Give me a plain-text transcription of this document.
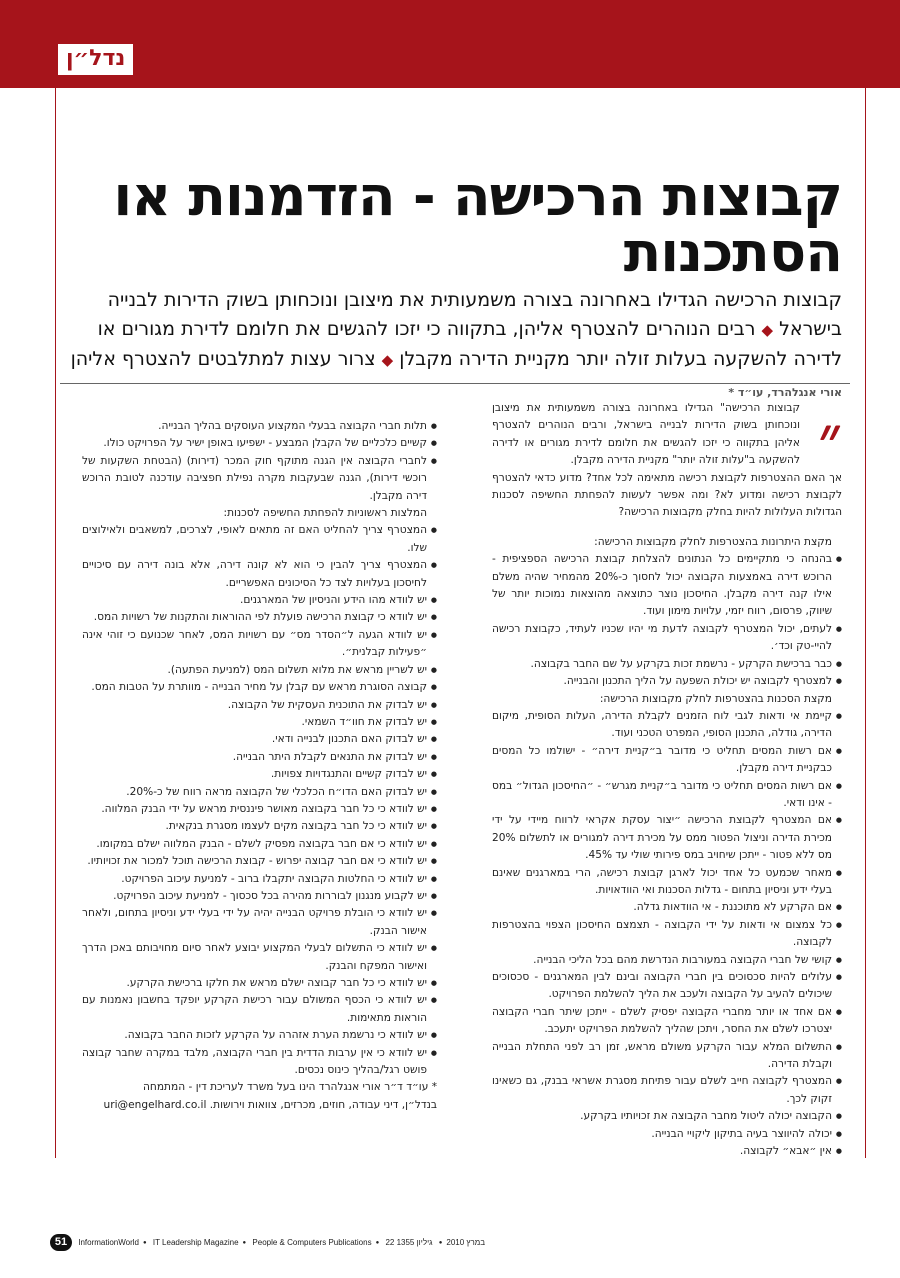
נדל״ן
קבוצות הרכישה - הזדמנות או הסתכנות

קבוצות הרכישה הגדילו באחרונה בצורה משמעותית את מיצובן ונוכחותן בשוק הדירות לבנייה בישראל ◆ רבים הנוהרים להצטרף אליהן, בתקווה כי יזכו להגשים את חלומם לדירת מגורים או לדירה להשקעה בעלות זולה יותר מקניית הדירה מקבלן ◆ צרור עצות למתלבטים להצטרף אליהן

אורי אנגלהרד, עו״ד *
״

קבוצות הרכישה" הגדילו באחרונה בצורה משמעותית את מיצובן ונוכחותן בשוק הדירות לבנייה בישראל, ורבים הנוהרים להצטרף אליהן בתקווה כי יזכו להגשים את חלומם לדירת מגורים או לדירה להשקעה ב"עלות זולה יותר" מקניית הדירה מקבלן.

אך האם ההצטרפות לקבוצת רכישה מתאימה לכל אחד? מדוע כדאי להצטרף לקבוצת רכישה ומדוע לא? ומה אפשר לעשות להפחתת החשיפה לסכנות הגדולות העלולות להיות בחלק מקבוצות הרכישה?

מקצת היתרונות בהצטרפות לחלק מקבוצות הרכישה:

● בהנחה כי מתקיימים כל הנתונים להצלחת קבוצת הרכישה הספציפית - הרוכש דירה באמצעות הקבוצה יכול לחסוך כ-20% מהמחיר שהיה משלם אילו קנה דירה מקבלן. החיסכון נוצר כתוצאה מהוצאות נמוכות יותר של שיווק, פרסום, רווח יזמי, עלויות מימון ועוד.
● לעתים, יכול המצטרף לקבוצה לדעת מי יהיו שכניו לעתיד, כקבוצת רכישה להיי-טק וכד׳.
● כבר ברכישת הקרקע - נרשמת זכות בקרקע על שם החבר בקבוצה.
● למצטרף לקבוצה יש יכולת השפעה על הליך התכנון והבנייה.

מקצת הסכנות בהצטרפות לחלק מקבוצות הרכישה:

● קיימת אי ודאות לגבי לוח הזמנים לקבלת הדירה, העלות הסופית, מיקום הדירה, גודלה, התכנון הסופי, המפרט הטכני ועוד.
● אם רשות המסים תחליט כי מדובר ב״קניית דירה״ - ישולמו כל המסים כבקניית דירה מקבלן.
● אם רשות המסים תחליט כי מדובר ב״קניית מגרש״ - ״החיסכון הגדול״ במס - אינו ודאי.
● אם המצטרף לקבוצת הרכישה ״יצור עסקת אקראי לרווח מיידי על ידי מכירת הדירה וניצול הפטור ממס על מכירת דירה למגורים או לתשלום 20% מס ללא פטור - ייתכן שיחויב במס פירותי שולי עד 45%.
● מאחר שכמעט כל אחד יכול לארגן קבוצת רכישה, הרי במארגנים שאינם בעלי ידע וניסיון בתחום - גדלות הסכנות ואי הוודאויות.
● אם הקרקע לא מתוכננת - אי הוודאות גדלה.
● כל צמצום אי ודאות על ידי הקבוצה - תצמצם החיסכון הצפוי בהצטרפות לקבוצה.
● קושי של חברי הקבוצה במעורבות הנדרשת מהם בכל הליכי הבנייה.
● עלולים להיות סכסוכים בין חברי הקבוצה ובינם לבין המארגנים - סכסוכים שיכולים להעיב על הקבוצה ולעכב את הליך להשלמת הפרויקט.
● אם אחד או יותר מחברי הקבוצה יפסיק לשלם - ייתכן שיתר חברי הקבוצה יצטרכו לשלם את החסר, ויתכן שהליך להשלמת הפרויקט יתעכב.
● התשלום המלא עבור הקרקע משולם מראש, זמן רב לפני התחלת הבנייה וקבלת הדירה.
● המצטרף לקבוצה חייב לשלם עבור פתיחת מסגרת אשראי בבנק, גם כשאינו זקוק לכך.
● הקבוצה יכולה ליטול מחבר הקבוצה את זכויותיו בקרקע.
● יכולה להיווצר בעיה בתיקון ליקויי הבנייה.
● אין ״אבא״ לקבוצה.
● תלות חברי הקבוצה בבעלי המקצוע העוסקים בהליך הבנייה.
● קשיים כלכליים של הקבלן המבצע - ישפיעו באופן ישיר על הפרויקט כולו.
● לחברי הקבוצה אין הגנה מתוקף חוק המכר (דירות) (הבטחת השקעות של רוכשי דירות), הגנה שבעקבות מקרה נפילת חפציבה עודכנה לטובת הרוכש דירה מקבלן.

המלצות ראשוניות להפחתת החשיפה לסכנות:

● המצטרף צריך להחליט האם זה מתאים לאופי, לצרכים, למשאבים ולאילוצים שלו.
● המצטרף צריך להבין כי הוא לא קונה דירה, אלא בונה דירה עם סיכויים לחיסכון בעלויות לצד כל הסיכונים האפשריים.
● יש לוודא מהו הידע והניסיון של המארגנים.
● יש לוודא כי קבוצת הרכישה פועלת לפי ההוראות והתקנות של רשויות המס.
● יש לוודא הגעה ל״הסדר מס״ עם רשויות המס, לאחר שכנועם כי זוהי אינה ״פעילות קבלנית״.
● יש לשריין מראש את מלוא תשלום המס (למניעת הפתעה).
● קבוצה הסוגרת מראש עם קבלן על מחיר הבנייה - מוותרת על הטבות המס.
● יש לבדוק את התוכנית העסקית של הקבוצה.
● יש לבדוק את חוו״ד השמאי.
● יש לבדוק האם התכנון לבנייה ודאי.
● יש לבדוק את התנאים לקבלת היתר הבנייה.
● יש לבדוק קשיים והתנגדויות צפויות.
● יש לבדוק האם הדו״ח הכלכלי של הקבוצה מראה רווח של כ-20%.
● יש לוודא כי כל חבר בקבוצה מאושר פיננסית מראש על ידי הבנק המלווה.
● יש לוודא כי כל חבר בקבוצה מקים לעצמו מסגרת בנקאית.
● יש לוודא כי אם חבר בקבוצה מפסיק לשלם - הבנק המלווה ישלם במקומו.
● יש לוודא כי אם חבר קבוצה יפרוש - קבוצת הרכישה תוכל למכור את זכויותיו.
● יש לוודא כי החלטות הקבוצה יתקבלו ברוב - למניעת עיכוב הפרויקט.
● יש לקבוע מנגנון לבוררות מהירה בכל סכסוך - למניעת עיכוב הפרויקט.
● יש לוודא כי הובלת פרויקט הבנייה יהיה על ידי בעלי ידע וניסיון בתחום, ולאחר אישור הבנק.
● יש לוודא כי התשלום לבעלי המקצוע יבוצע לאחר סיום מחויבותם באכן הדרך ואישור המפקח והבנק.
● יש לוודא כי כל חבר קבוצה ישלם מראש את חלקו ברכישת הקרקע.
● יש לוודא כי הכסף המשולם עבור רכישת הקרקע יופקד בחשבון נאמנות עם הוראות מתאימות.
● יש לוודא כי נרשמת הערת אזהרה על הקרקע לזכות החבר בקבוצה.
● יש לוודא כי אין ערבות הדדית בין חברי הקבוצה, מלבד במקרה שחבר קבוצה פושט רגל/בהליך כינוס נכסים.

* עו״ד ד״ר אורי אנגלהרד הינו בעל משרד לעריכת דין - המתמחה

בנדל״ן, דיני עבודה, חוזים, מכרזים, צוואות וירושות. uri@engelhard.co.il

51 InformationWorld ● IT Leadership Magazine ● People & Computers Publications ● 22 במרץ 2010● גיליון 1355
